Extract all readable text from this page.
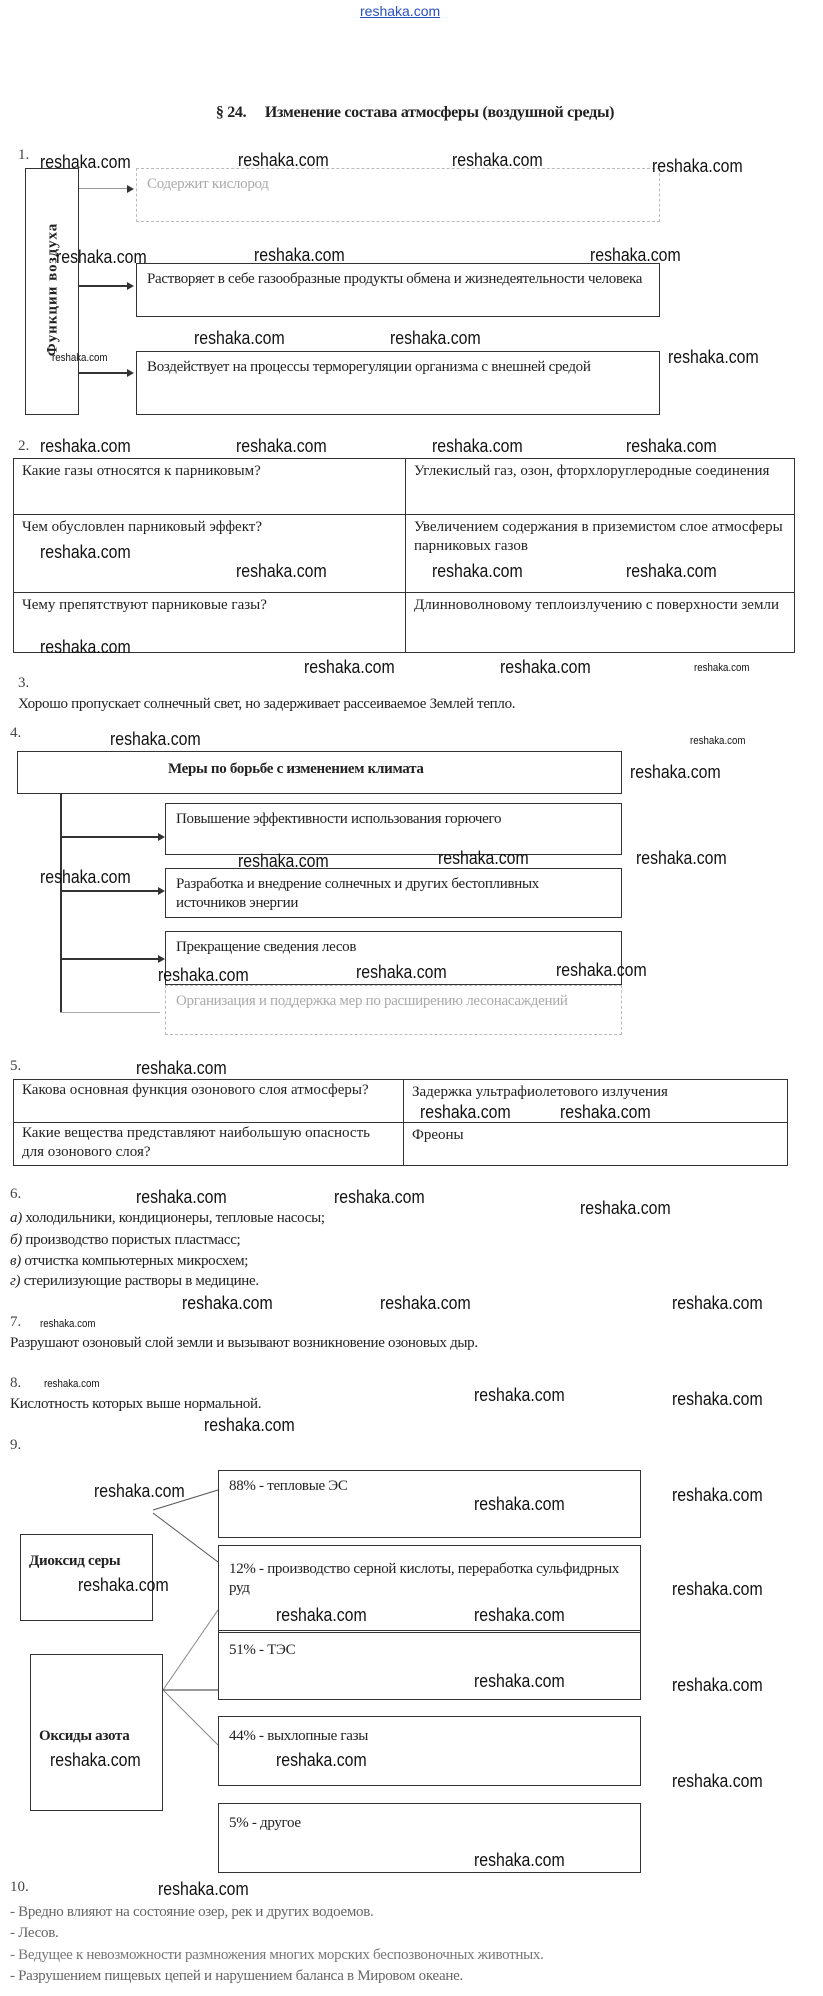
reshaka.com
§ 24.     Изменение состава атмосферы (воздушной среды)
1.
Функции воздуха
Содержит кислород
Растворяет в себе газообразные продукты обмена и жизнедеятельности человека
Воздействует на процессы терморегуляции организма с внешней средой
2.
Какие газы относятся к парниковым?	Углекислый газ, озон, фторхлоруглеродные соединения
Чем обусловлен парниковый эффект?	Увеличением содержания в приземистом слое атмосферы парниковых газов
Чему препятствуют парниковые газы?	Длинноволновому теплоизлучению с поверхности земли
3.
Хорошо пропускает солнечный свет, но задерживает рассеиваемое Землей тепло.
4.
Меры по борьбе с изменением климата
Повышение эффективности использования горючего
Разработка и внедрение солнечных и других бестопливных источников энергии
Прекращение сведения лесов
Организация и поддержка мер по расширению лесонасаждений
5.
Какова основная функция озонового слоя атмосферы?	Задержка ультрафиолетового излучения
Какие вещества представляют наибольшую опасность для озонового слоя?	Фреоны
6.
а) холодильники, кондиционеры, тепловые насосы;
б) производство пористых пластмасс;
в) отчистка компьютерных микросхем;
г) стерилизующие растворы в медицине.
7.
Разрушают озоновый слой земли и вызывают возникновение озоновых дыр.
8.
Кислотность которых выше нормальной.
9.
Диоксид серы
88% - тепловые ЭС
12% - производство серной кислоты, переработка сульфидрных руд
Оксиды азота
51% - ТЭС
44% - выхлопные газы
5% - другое
10.
- Вредно влияют на состояние озер, рек и других водоемов.
- Лесов.
- Ведущее к невозможности размножения многих морских беспозвоночных животных.
- Разрушением пищевых цепей и нарушением баланса в Мировом океане.
reshaka.com	reshaka.com	reshaka.com	reshaka.com
reshaka.com	reshaka.com	reshaka.com
reshaka.com
reshaka.com	reshaka.com
reshaka.com
reshaka.com	reshaka.com	reshaka.com	reshaka.com
reshaka.com
reshaka.com	reshaka.com	reshaka.com
reshaka.com
reshaka.com	reshaka.com	reshaka.com
reshaka.com
reshaka.com
reshaka.com
reshaka.com
reshaka.com	reshaka.com	reshaka.com
reshaka.com	reshaka.com	reshaka.com
reshaka.com
reshaka.com	reshaka.com
reshaka.com	reshaka.com
reshaka.com
reshaka.com	reshaka.com	reshaka.com
reshaka.com
reshaka.com
reshaka.com
reshaka.com	reshaka.com
reshaka.com
reshaka.com	reshaka.com
reshaka.com
reshaka.com	reshaka.com
reshaka.com
reshaka.com	reshaka.com
reshaka.com
reshaka.com
reshaka.com
reshaka.com
reshaka.com
